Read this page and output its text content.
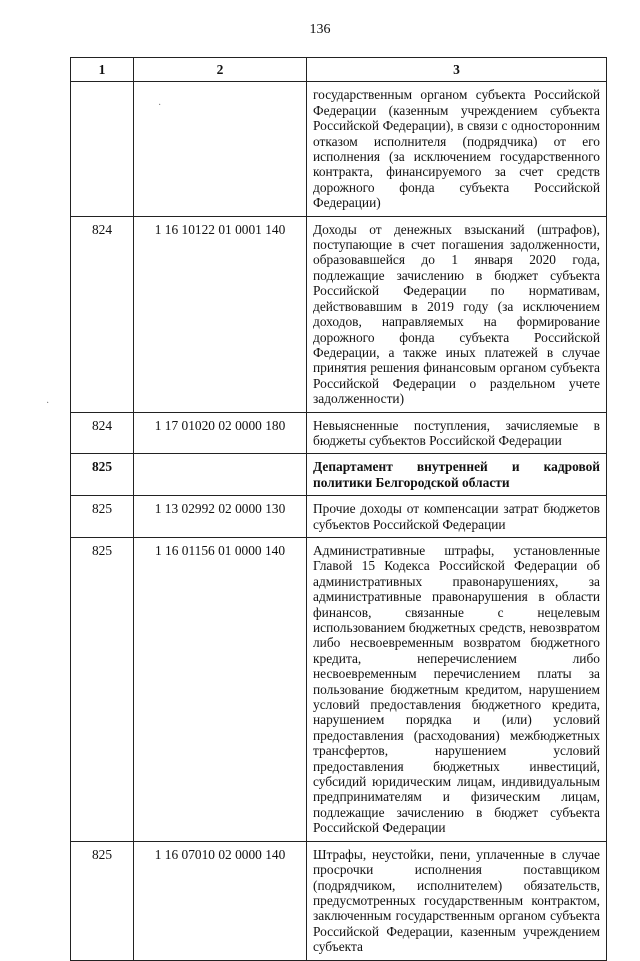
136
·
·
1	2	3
		государственным органом субъекта Российской Федерации (казенным учреждением субъекта Российской Федерации), в связи с односторонним отказом исполнителя (подрядчика) от его исполнения (за исключением государственного контракта, финансируемого за счет средств дорожного фонда субъекта Российской Федерации)
824	1 16 10122 01 0001 140	Доходы от денежных взысканий (штрафов), поступающие в счет погашения задолженности, образовавшейся до 1 января 2020 года, подлежащие зачислению в бюджет субъекта Российской Федерации по нормативам, действовавшим в 2019 году (за исключением доходов, направляемых на формирование дорожного фонда субъекта Российской Федерации, а также иных платежей в случае принятия решения финансовым органом субъекта Российской Федерации о раздельном учете задолженности)
824	1 17 01020 02 0000 180	Невыясненные поступления, зачисляемые в бюджеты субъектов Российской Федерации
825		Департамент внутренней и кадровой политики Белгородской области
825	1 13 02992 02 0000 130	Прочие доходы от компенсации затрат бюджетов субъектов Российской Федерации
825	1 16 01156 01 0000 140	Административные штрафы, установленные Главой 15 Кодекса Российской Федерации об административных правонарушениях, за административные правонарушения в области финансов, связанные с нецелевым использованием бюджетных средств, невозвратом либо несвоевременным возвратом бюджетного кредита, неперечислением либо несвоевременным перечислением платы за пользование бюджетным кредитом, нарушением условий предоставления бюджетного кредита, нарушением порядка и (или) условий предоставления (расходования) межбюджетных трансфертов, нарушением условий предоставления бюджетных инвестиций, субсидий юридическим лицам, индивидуальным предпринимателям и физическим лицам, подлежащие зачислению в бюджет субъекта Российской Федерации
825	1 16 07010 02 0000 140	Штрафы, неустойки, пени, уплаченные в случае просрочки исполнения поставщиком (подрядчиком, исполнителем) обязательств, предусмотренных государственным контрактом, заключенным государственным органом субъекта Российской Федерации, казенным учреждением субъекта
